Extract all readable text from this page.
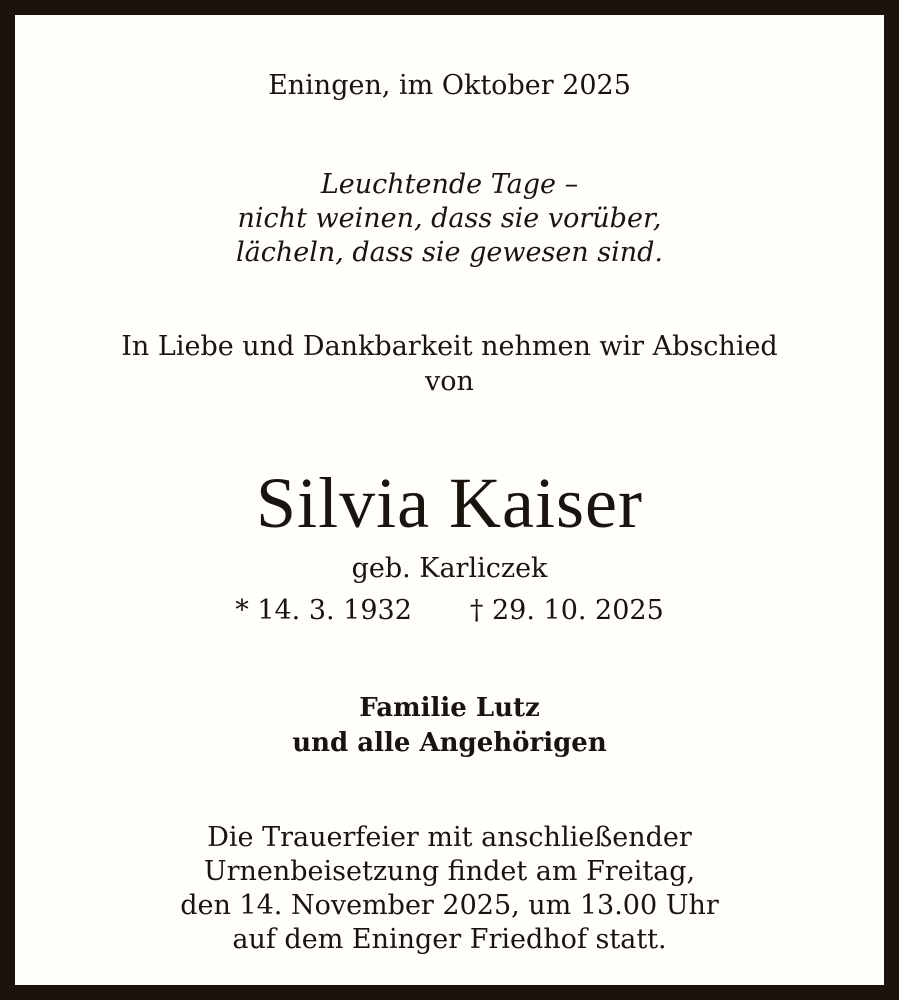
Eningen, im Oktober 2025
Leuchtende Tage –
nicht weinen, dass sie vorüber,
lächeln, dass sie gewesen sind.
In Liebe und Dankbarkeit nehmen wir Abschied
von
Silvia Kaiser
geb. Karliczek
* 14. 3. 1932 † 29. 10. 2025
Familie Lutz
und alle Angehörigen
Die Trauerfeier mit anschließender
Urnenbeisetzung findet am Freitag,
den 14. November 2025, um 13.00 Uhr
auf dem Eninger Friedhof statt.
